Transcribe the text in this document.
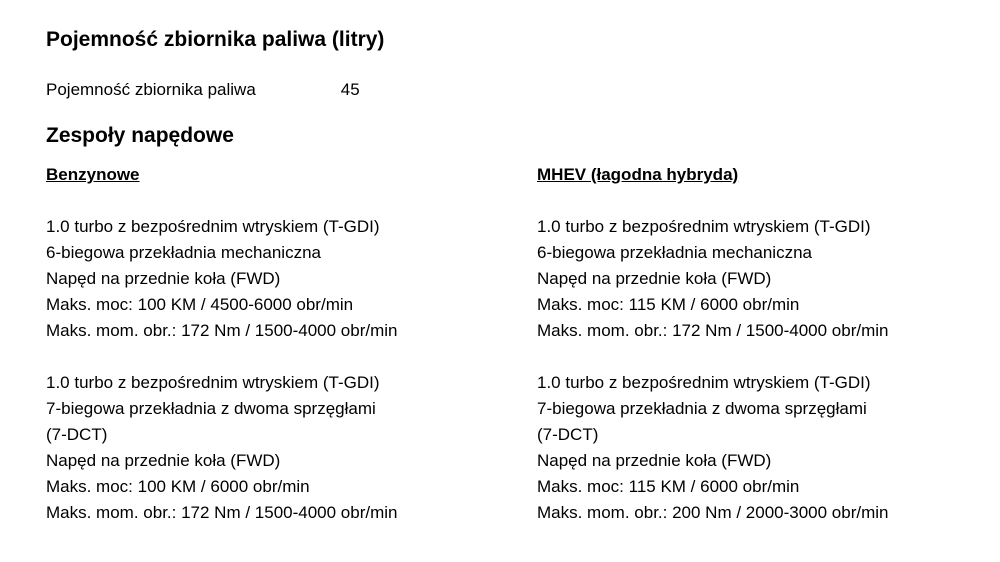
Pojemność zbiornika paliwa (litry)
Pojemność zbiornika paliwa	45
Zespoły napędowe
Benzynowe
1.0 turbo z bezpośrednim wtryskiem (T-GDI)
6-biegowa przekładnia mechaniczna
Napęd na przednie koła (FWD)
Maks. moc: 100 KM / 4500-6000 obr/min
Maks. mom. obr.: 172 Nm / 1500-4000 obr/min
1.0 turbo z bezpośrednim wtryskiem (T-GDI)
7-biegowa przekładnia z dwoma sprzęgłami
(7-DCT)
Napęd na przednie koła (FWD)
Maks. moc: 100 KM / 6000 obr/min
Maks. mom. obr.: 172 Nm / 1500-4000 obr/min
MHEV (łagodna hybryda)
1.0 turbo z bezpośrednim wtryskiem (T-GDI)
6-biegowa przekładnia mechaniczna
Napęd na przednie koła (FWD)
Maks. moc: 115 KM / 6000 obr/min
Maks. mom. obr.: 172 Nm / 1500-4000 obr/min
1.0 turbo z bezpośrednim wtryskiem (T-GDI)
7-biegowa przekładnia z dwoma sprzęgłami
(7-DCT)
Napęd na przednie koła (FWD)
Maks. moc: 115 KM / 6000 obr/min
Maks. mom. obr.: 200 Nm / 2000-3000 obr/min
